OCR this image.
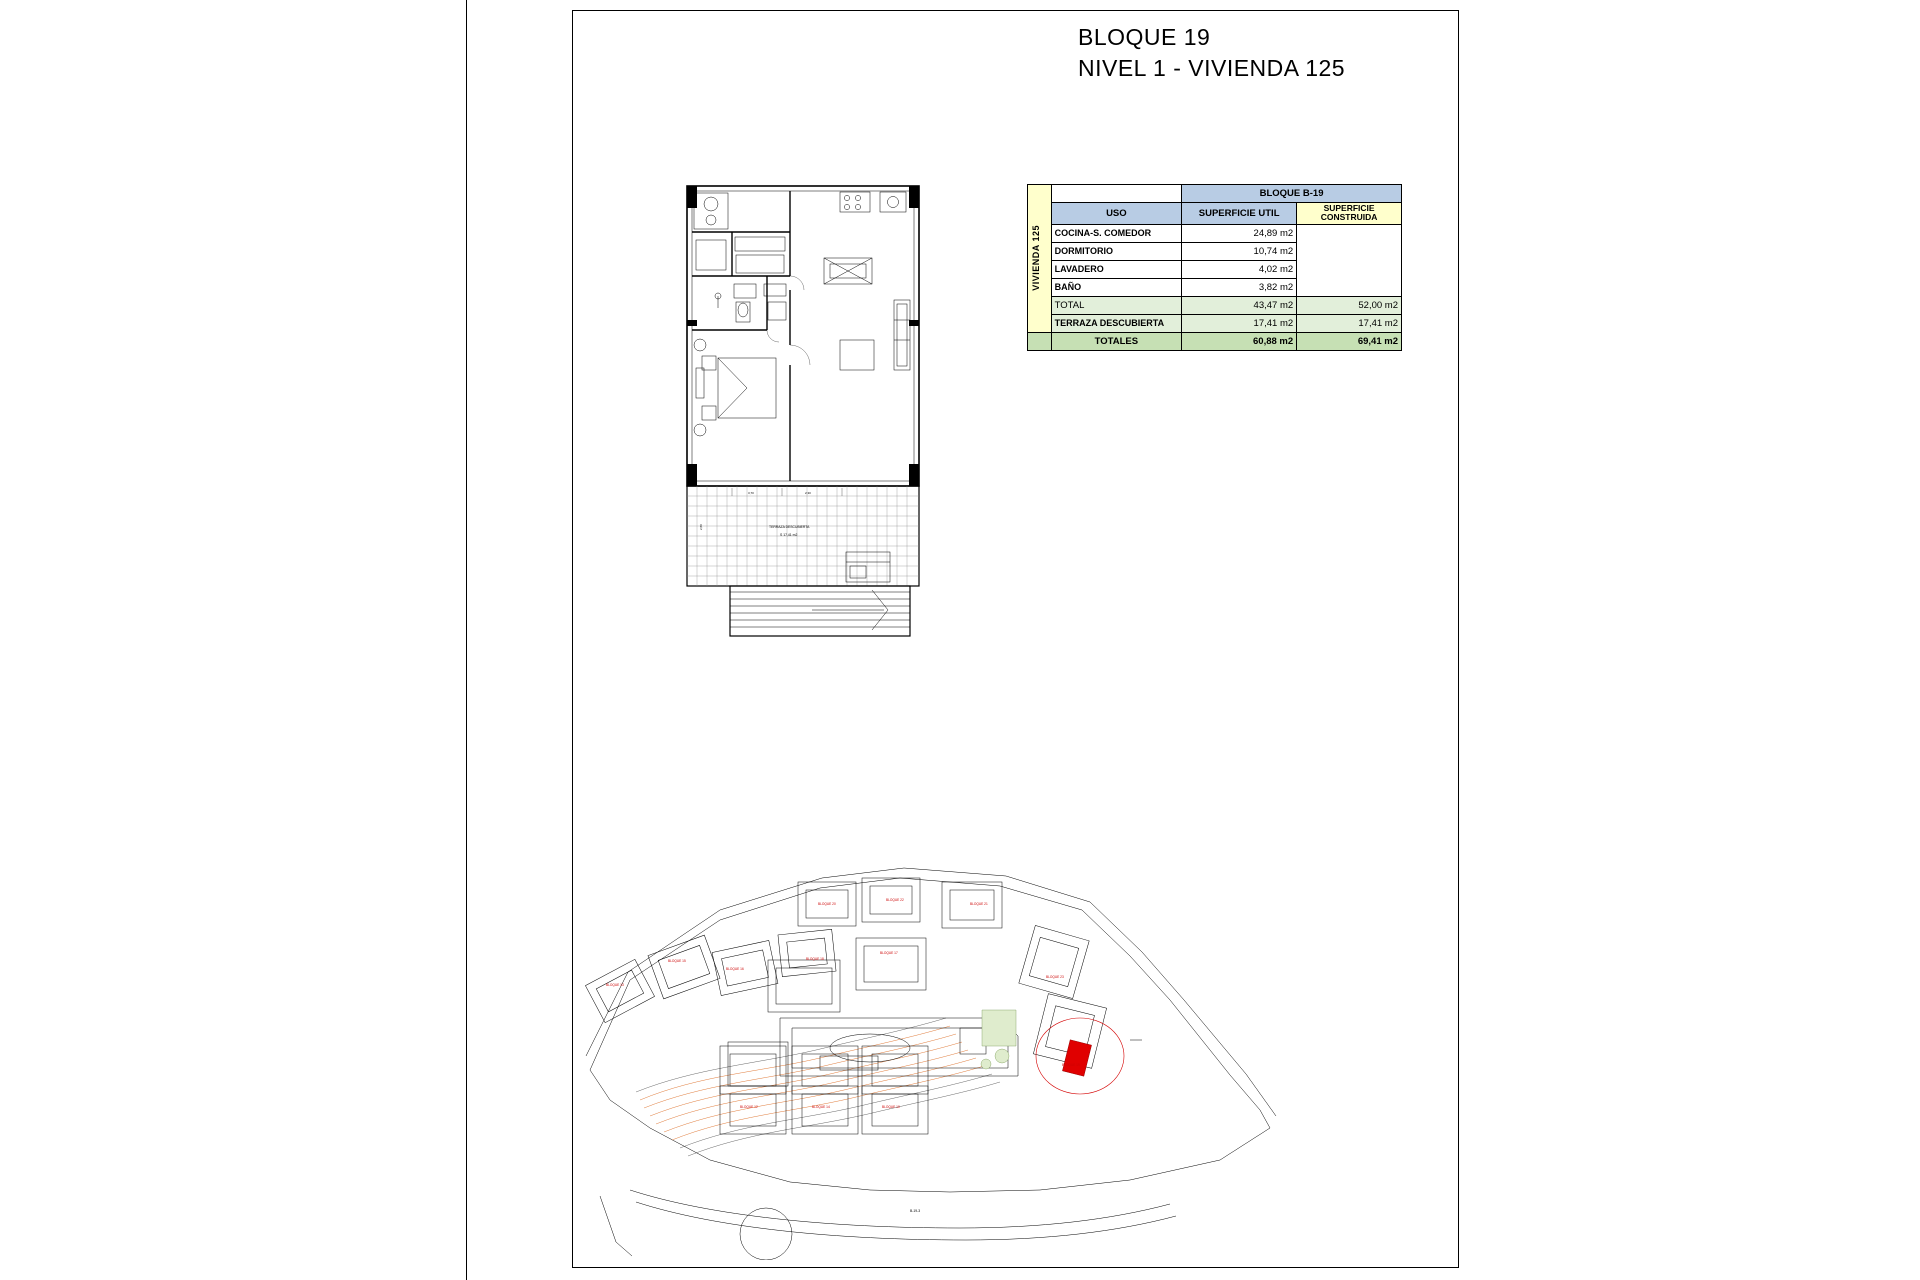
BLOQUE 19
NIVEL 1 - VIVIENDA 125
VIVIENDA 125			

		BLOQUE B-19	
	USO	SUPERFICIE UTIL	SUPERFICIE CONSTRUIDA
	COCINA-S. COMEDOR	24,89 m2	
	DORMITORIO	10,74 m2	
	LAVADERO	4,02 m2	
	BAÑO	3,82 m2	
	TOTAL	43,47 m2	52,00 m2
	TERRAZA DESCUBIERTA	17,41 m2	17,41 m2
	TOTALES	60,88 m2	69,41 m2
TERRAZA DESCUBIERTA
S 17,41 m2
3,70	2,30
2,80
B-19-3
BLOQUE 22
BLOQUE 21
BLOQUE 20
BLOQUE 19
BLOQUE 18
BLOQUE 17
BLOQUE 16
BLOQUE 15
BLOQUE 13
BLOQUE 12	BLOQUE 14	BLOQUE 10
BLOQUE 23
